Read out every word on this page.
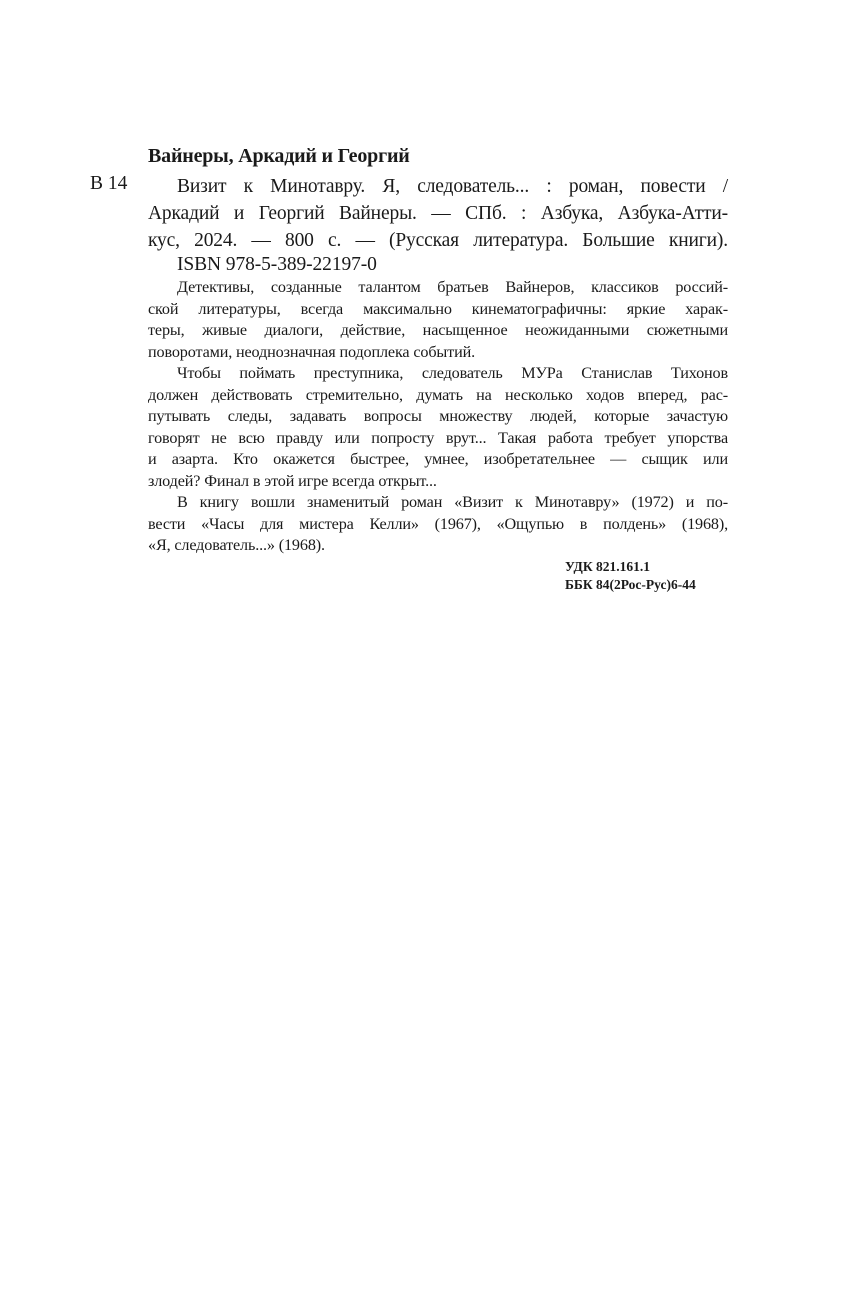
Вайнеры, Аркадий и Георгий
В 14	Визит к Минотавру. Я, следователь... : роман, повести /
Аркадий и Георгий Вайнеры. — СПб. : Азбука, Азбука-Атти-
кус, 2024. — 800 с. — (Русская литература. Большие книги).
ISBN 978-5-389-22197-0
Детективы, созданные талантом братьев Вайнеров, классиков россий-
ской литературы, всегда максимально кинематографичны: яркие харак-
теры, живые диалоги, действие, насыщенное неожиданными сюжетными
поворотами, неоднозначная подоплека событий.
Чтобы поймать преступника, следователь МУРа Станислав Тихонов
должен действовать стремительно, думать на несколько ходов вперед, рас-
путывать следы, задавать вопросы множеству людей, которые зачастую
говорят не всю правду или попросту врут... Такая работа требует упорства
и азарта. Кто окажется быстрее, умнее, изобретательнее — сыщик или
злодей? Финал в этой игре всегда открыт...
В книгу вошли знаменитый роман «Визит к Минотавру» (1972) и по-
вести «Часы для мистера Келли» (1967), «Ощупью в полдень» (1968),
«Я, следователь...» (1968).
УДК 821.161.1
ББК 84(2Рос-Рус)6-44
